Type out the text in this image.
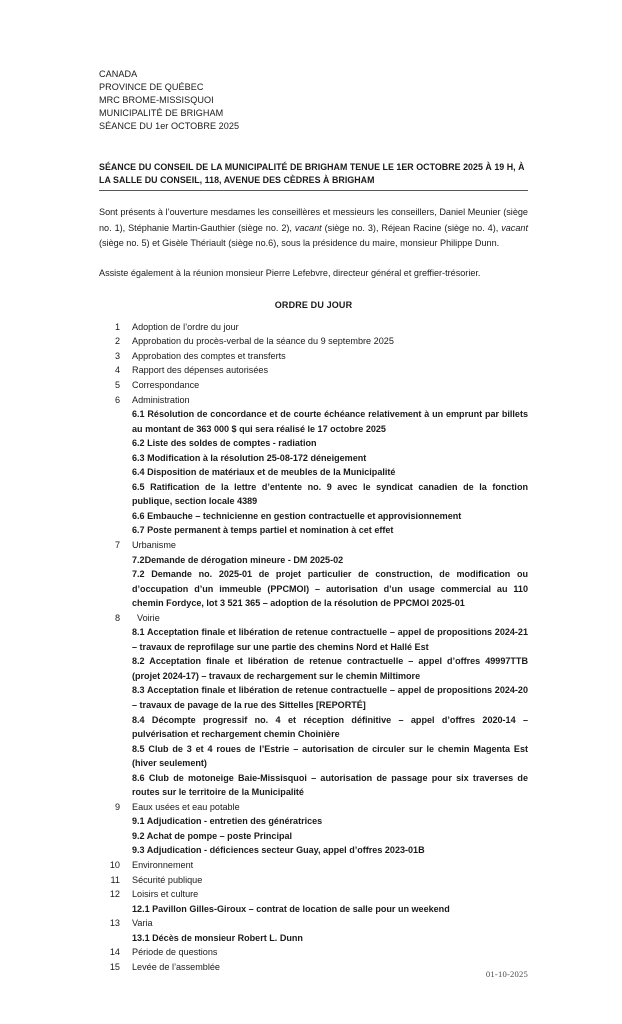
CANADA
PROVINCE DE QUÉBEC
MRC BROME-MISSISQUOI
MUNICIPALITÉ DE BRIGHAM
SÉANCE DU 1er OCTOBRE 2025
SÉANCE DU CONSEIL DE LA MUNICIPALITÉ DE BRIGHAM TENUE LE 1ER OCTOBRE 2025 À 19 H, À LA SALLE DU CONSEIL, 118, AVENUE DES CÈDRES À BRIGHAM

Sont présents à l’ouverture mesdames les conseillères et messieurs les conseillers, Daniel Meunier (siège no. 1), Stéphanie Martin-Gauthier (siège no. 2), vacant (siège no. 3), Réjean Racine (siège no. 4), vacant (siège no. 5) et Gisèle Thériault (siège no.6), sous la présidence du maire, monsieur Philippe Dunn.

Assiste également à la réunion monsieur Pierre Lefebvre, directeur général et greffier-trésorier.

ORDRE DU JOUR
1	Adoption de l’ordre du jour
2	Approbation du procès-verbal de la séance du 9 septembre 2025
3	Approbation des comptes et transferts
4	Rapport des dépenses autorisées
5	Correspondance
6	Administration
6.1 Résolution de concordance et de courte échéance relativement à un emprunt par billets au montant de 363 000 $ qui sera réalisé le 17 octobre 2025
6.2 Liste des soldes de comptes - radiation
6.3 Modification à la résolution 25-08-172 déneigement
6.4 Disposition de matériaux et de meubles de la Municipalité
6.5 Ratification de la lettre d’entente no. 9 avec le syndicat canadien de la fonction publique, section locale 4389
6.6 Embauche – technicienne en gestion contractuelle et approvisionnement
6.7 Poste permanent à temps partiel et nomination à cet effet
7	Urbanisme
7.2Demande de dérogation mineure - DM 2025-02
7.2 Demande no. 2025-01 de projet particulier de construction, de modification ou d’occupation d’un immeuble (PPCMOI) – autorisation d’un usage commercial au 110 chemin Fordyce, lot 3 521 365 – adoption de la résolution de PPCMOI 2025-01
8	Voirie
8.1 Acceptation finale et libération de retenue contractuelle – appel de propositions 2024-21 – travaux de reprofilage sur une partie des chemins Nord et Hallé Est
8.2 Acceptation finale et libération de retenue contractuelle – appel d’offres 49997TTB (projet 2024-17) – travaux de rechargement sur le chemin Miltimore
8.3 Acceptation finale et libération de retenue contractuelle – appel de propositions 2024-20 – travaux de pavage de la rue des Sittelles [REPORTÉ]
8.4 Décompte progressif no. 4 et réception définitive – appel d’offres 2020-14 – pulvérisation et rechargement chemin Choinière
8.5 Club de 3 et 4 roues de l’Estrie – autorisation de circuler sur le chemin Magenta Est (hiver seulement)
8.6 Club de motoneige Baie-Missisquoi – autorisation de passage pour six traverses de routes sur le territoire de la Municipalité
9	Eaux usées et eau potable
9.1 Adjudication - entretien des génératrices
9.2 Achat de pompe – poste Principal
9.3 Adjudication - déficiences secteur Guay, appel d’offres 2023-01B
10	Environnement
11	Sécurité publique
12	Loisirs et culture
12.1 Pavillon Gilles-Giroux – contrat de location de salle pour un weekend
13	Varia
13.1 Décès de monsieur Robert L. Dunn
14	Période de questions
15	Levée de l’assemblée
01-10-2025
